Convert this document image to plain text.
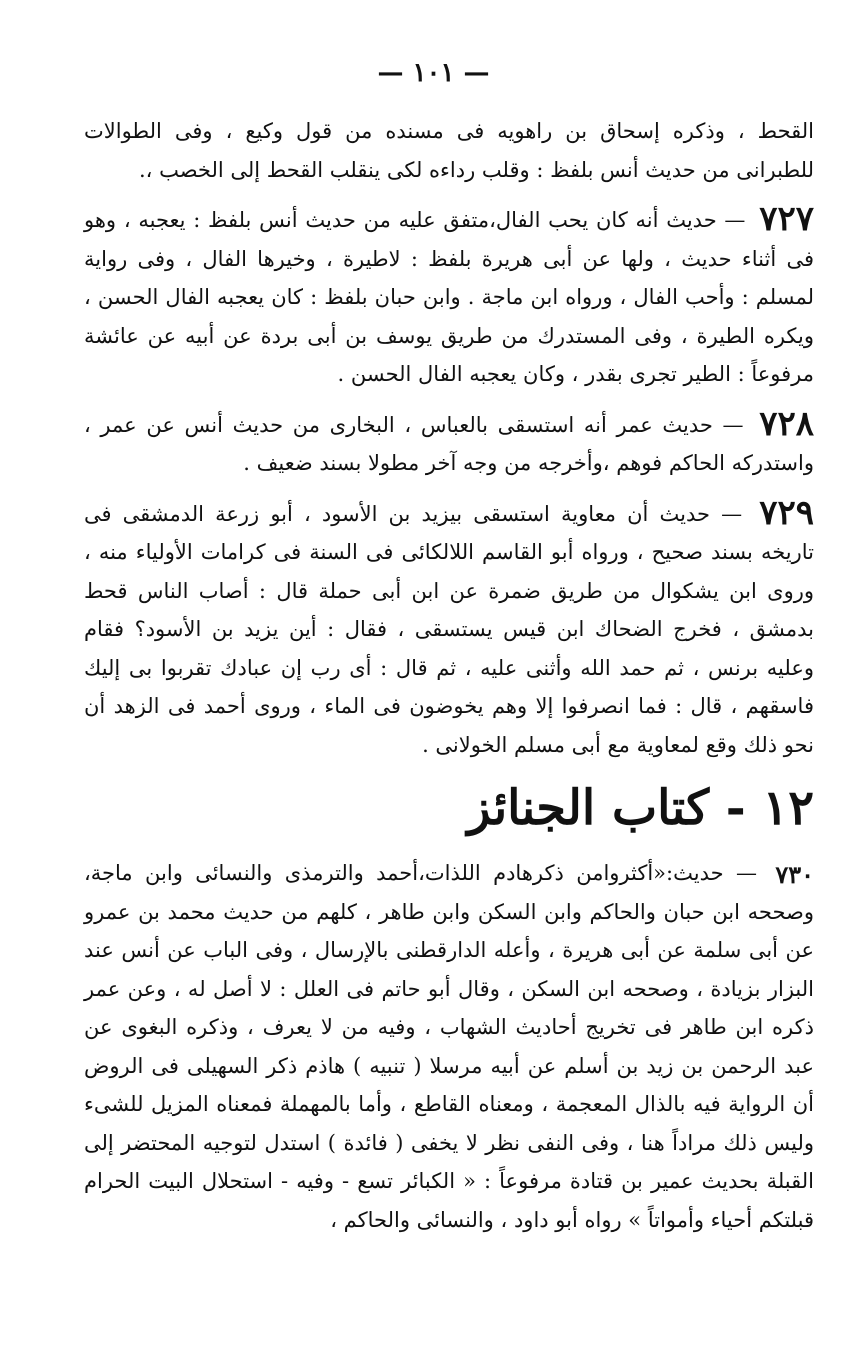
— ١٠١ —

القحط ، وذكره إسحاق بن راهويه فى مسنده من قول وكيع ، وفى الطوالات للطبرانى من حديث أنس بلفظ : وقلب رداءه لكى ينقلب القحط إلى الخصب ،.

٧٢٧ — حديث أنه كان يحب الفال،متفق عليه من حديث أنس بلفظ : يعجبه ، وهو فى أثناء حديث ، ولها عن أبى هريرة بلفظ : لاطيرة ، وخيرها الفال ، وفى رواية لمسلم : وأحب الفال ، ورواه ابن ماجة . وابن حبان بلفظ : كان يعجبه الفال الحسن ، ويكره الطيرة ، وفى المستدرك من طريق يوسف بن أبى بردة عن أبيه عن عائشة مرفوعاً : الطير تجرى بقدر ، وكان يعجبه الفال الحسن .

٧٢٨ — حديث عمر أنه استسقى بالعباس ، البخارى من حديث أنس عن عمر ، واستدركه الحاكم فوهم ،وأخرجه من وجه آخر مطولا بسند ضعيف .

٧٢٩ — حديث أن معاوية استسقى بيزيد بن الأسود ، أبو زرعة الدمشقى فى تاريخه بسند صحيح ، ورواه أبو القاسم اللالكائى فى السنة فى كرامات الأولياء منه ، وروى ابن يشكوال من طريق ضمرة عن ابن أبى حملة قال : أصاب الناس قحط بدمشق ، فخرج الضحاك ابن قيس يستسقى ، فقال : أين يزيد بن الأسود؟ فقام وعليه برنس ، ثم حمد الله وأثنى عليه ، ثم قال : أى رب إن عبادك تقربوا بى إليك فاسقهم ، قال : فما انصرفوا إلا وهم يخوضون فى الماء ، وروى أحمد فى الزهد أن نحو ذلك وقع لمعاوية مع أبى مسلم الخولانى .

١٢ - كتاب الجنائز

٧٣٠ — حديث:«أكثروامن ذكرهادم اللذات،أحمد والترمذى والنسائى وابن ماجة، وصححه ابن حبان والحاكم وابن السكن وابن طاهر ، كلهم من حديث محمد بن عمرو عن أبى سلمة عن أبى هريرة ، وأعله الدارقطنى بالإرسال ، وفى الباب عن أنس عند البزار بزيادة ، وصححه ابن السكن ، وقال أبو حاتم فى العلل : لا أصل له ، وعن عمر ذكره ابن طاهر فى تخريج أحاديث الشهاب ، وفيه من لا يعرف ، وذكره البغوى عن عبد الرحمن بن زيد بن أسلم عن أبيه مرسلا ( تنبيه ) هاذم ذكر السهيلى فى الروض أن الرواية فيه بالذال المعجمة ، ومعناه القاطع ، وأما بالمهملة فمعناه المزيل للشىء وليس ذلك مراداً هنا ، وفى النفى نظر لا يخفى ( فائدة ) استدل لتوجيه المحتضر إلى القبلة بحديث عمير بن قتادة مرفوعاً : « الكبائر تسع - وفيه - استحلال البيت الحرام قبلتكم أحياء وأمواتاً » رواه أبو داود ، والنسائى والحاكم ،
